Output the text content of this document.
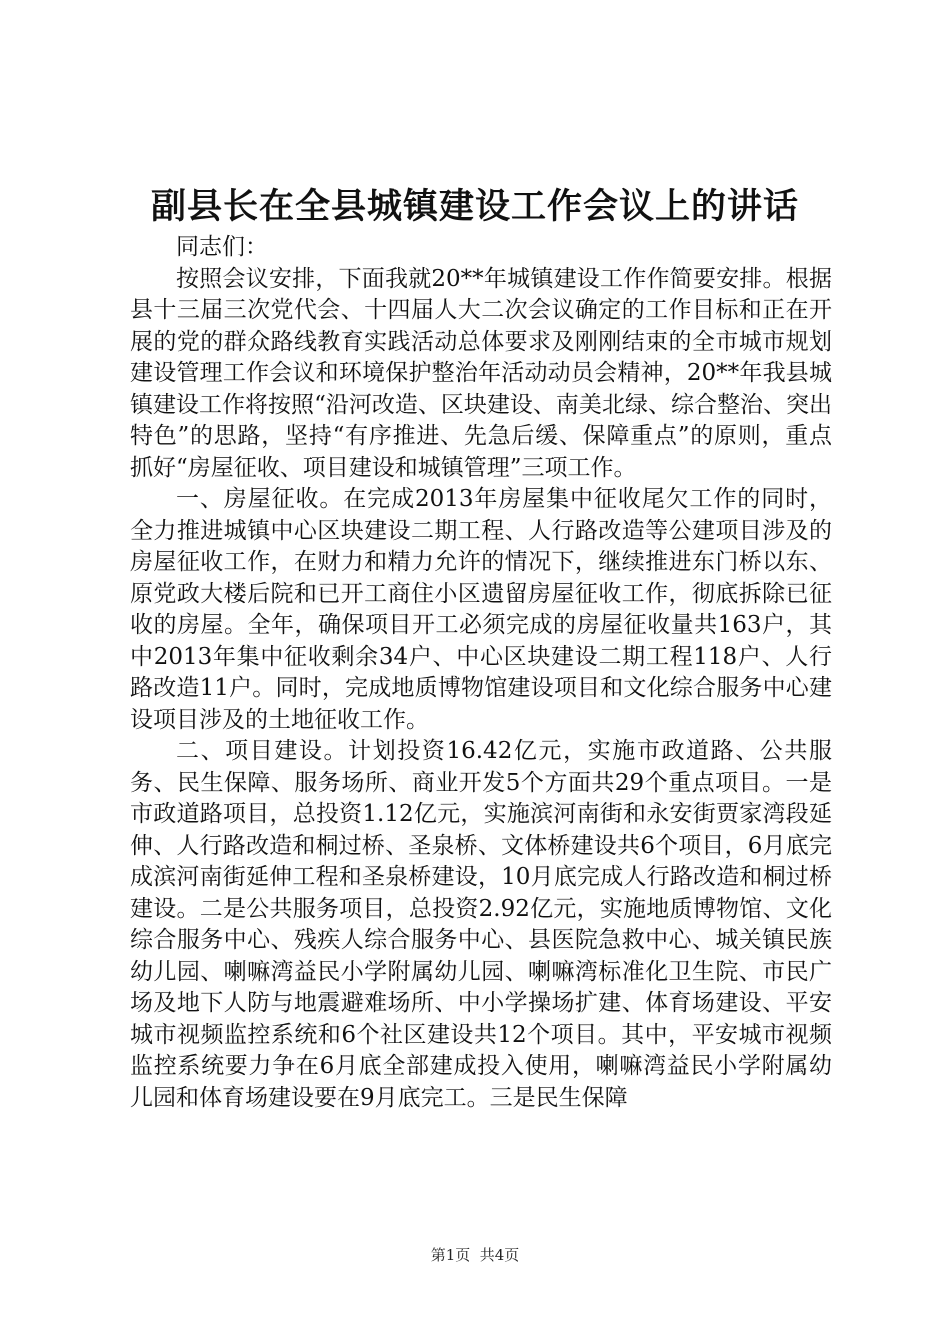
副县长在全县城镇建设工作会议上的讲话

同志们：

按照会议安排，下面我就20**年城镇建设工作作简要安排。根据县十三届三次党代会、十四届人大二次会议确定的工作目标和正在开展的党的群众路线教育实践活动总体要求及刚刚结束的全市城市规划建设管理工作会议和环境保护整治年活动动员会精神，20**年我县城镇建设工作将按照“沿河改造、区块建设、南美北绿、综合整治、突出特色”的思路，坚持“有序推进、先急后缓、保障重点”的原则，重点抓好“房屋征收、项目建设和城镇管理”三项工作。

一、房屋征收。在完成2013年房屋集中征收尾欠工作的同时，全力推进城镇中心区块建设二期工程、人行路改造等公建项目涉及的房屋征收工作，在财力和精力允许的情况下，继续推进东门桥以东、原党政大楼后院和已开工商住小区遗留房屋征收工作，彻底拆除已征收的房屋。全年，确保项目开工必须完成的房屋征收量共163户，其中2013年集中征收剩余34户、中心区块建设二期工程118户、人行路改造11户。同时，完成地质博物馆建设项目和文化综合服务中心建设项目涉及的土地征收工作。

二、项目建设。计划投资16.42亿元，实施市政道路、公共服务、民生保障、服务场所、商业开发5个方面共29个重点项目。一是市政道路项目，总投资1.12亿元，实施滨河南街和永安街贾家湾段延伸、人行路改造和桐过桥、圣泉桥、文体桥建设共6个项目，6月底完成滨河南街延伸工程和圣泉桥建设，10月底完成人行路改造和桐过桥建设。二是公共服务项目，总投资2.92亿元，实施地质博物馆、文化综合服务中心、残疾人综合服务中心、县医院急救中心、城关镇民族幼儿园、喇嘛湾益民小学附属幼儿园、喇嘛湾标准化卫生院、市民广场及地下人防与地震避难场所、中小学操场扩建、体育场建设、平安城市视频监控系统和6个社区建设共12个项目。其中，平安城市视频监控系统要力争在6月底全部建成投入使用，喇嘛湾益民小学附属幼儿园和体育场建设要在9月底完工。三是民生保障

第1页  共4页
